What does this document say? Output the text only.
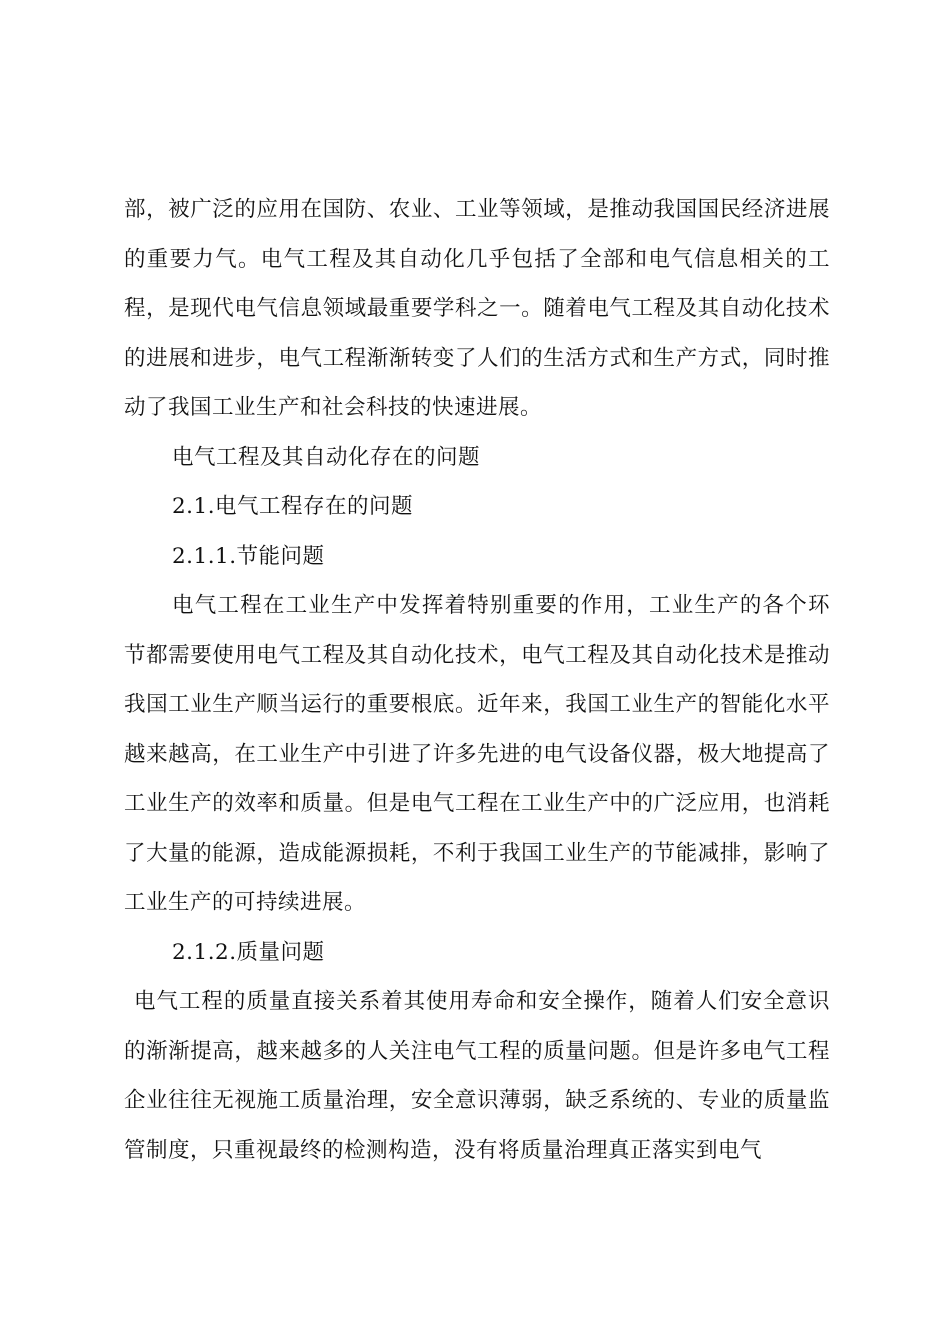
部，被广泛的应用在国防、农业、工业等领域，是推动我国国民经济进展的重要力气。电气工程及其自动化几乎包括了全部和电气信息相关的工程，是现代电气信息领域最重要学科之一。随着电气工程及其自动化技术的进展和进步，电气工程渐渐转变了人们的生活方式和生产方式，同时推动了我国工业生产和社会科技的快速进展。

电气工程及其自动化存在的问题

2.1.电气工程存在的问题

2.1.1.节能问题

电气工程在工业生产中发挥着特别重要的作用，工业生产的各个环节都需要使用电气工程及其自动化技术，电气工程及其自动化技术是推动我国工业生产顺当运行的重要根底。近年来，我国工业生产的智能化水平越来越高，在工业生产中引进了许多先进的电气设备仪器，极大地提高了工业生产的效率和质量。但是电气工程在工业生产中的广泛应用，也消耗了大量的能源，造成能源损耗，不利于我国工业生产的节能减排，影响了工业生产的可持续进展。

2.1.2.质量问题

电气工程的质量直接关系着其使用寿命和安全操作，随着人们安全意识的渐渐提高，越来越多的人关注电气工程的质量问题。但是许多电气工程企业往往无视施工质量治理，安全意识薄弱，缺乏系统的、专业的质量监管制度，只重视最终的检测构造，没有将质量治理真正落实到电气
